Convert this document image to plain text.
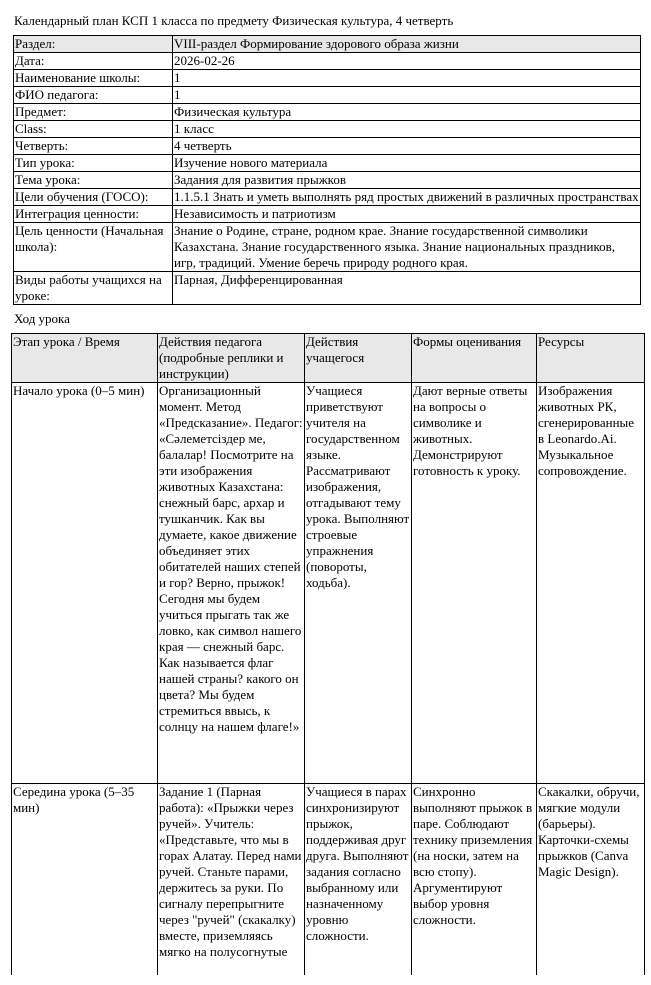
Календарный план КСП 1 класса по предмету Физическая культура, 4 четверть
Раздел:	VIII-раздел Формирование здорового образа жизни
Дата:	2026-02-26
Наименование школы:	1
ФИО педагога:	1
Предмет:	Физическая культура
Class:	1 класс
Четверть:	4 четверть
Тип урока:	Изучение нового материала
Тема урока:	Задания для развития прыжков
Цели обучения (ГОСО):	1.1.5.1 Знать и уметь выполнять ряд простых движений в различных пространствах
Интеграция ценности:	Независимость и патриотизм
Цель ценности (Начальная школа):	Знание о Родине, стране, родном крае. Знание государственной символики Казахстана. Знание государственного языка. Знание национальных праздников, игр, традиций. Умение беречь природу родного края.
Виды работы учащихся на уроке:	Парная, Дифференцированная
Ход урока
Этап урока / Время	Действия педагога (подробные реплики и инструкции)	Действия учащегося	Формы оценивания	Ресурсы
Начало урока (0–5 мин)	Организационный момент. Метод «Предсказание». Педагог: «Сәлеметсіздер ме, балалар! Посмотрите на эти изображения животных Казахстана: снежный барс, архар и тушканчик. Как вы думаете, какое движение объединяет этих обитателей наших степей и гор? Верно, прыжок! Сегодня мы будем учиться прыгать так же ловко, как символ нашего края — снежный барс. Как называется флаг нашей страны? какого он цвета? Мы будем стремиться ввысь, к солнцу на нашем флаге!»	Учащиеся приветствуют учителя на государственном языке. Рассматривают изображения, отгадывают тему урока. Выполняют строевые упражнения (повороты, ходьба).	Дают верные ответы на вопросы о символике и животных. Демонстрируют готовность к уроку.	Изображения животных РК, сгенерированные в Leonardo.Ai. Музыкальное сопровождение.
Середина урока (5–35 мин)	Задание 1 (Парная работа): «Прыжки через ручей». Учитель: «Представьте, что мы в горах Алатау. Перед нами ручей. Станьте парами, держитесь за руки. По сигналу перепрыгните через "ручей" (скакалку) вместе, приземляясь мягко на полусогнутые	Учащиеся в парах синхронизируют прыжок, поддерживая друг друга. Выполняют задания согласно выбранному или назначенному уровню сложности.	Синхронно выполняют прыжок в паре. Соблюдают технику приземления (на носки, затем на всю стопу). Аргументируют выбор уровня сложности.	Скакалки, обручи, мягкие модули (барьеры). Карточки-схемы прыжков (Canva Magic Design).
